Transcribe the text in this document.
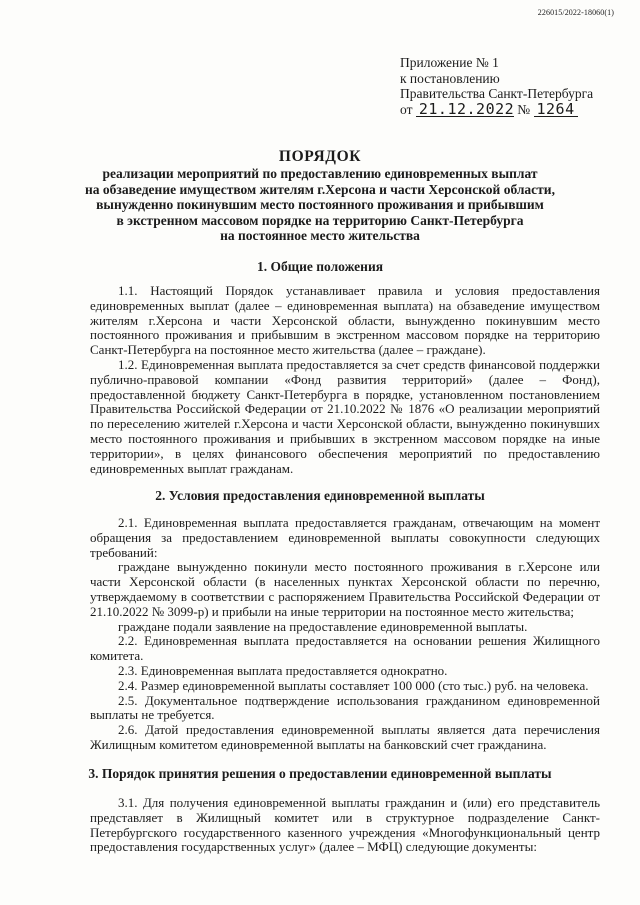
226015/2022-18060(1)
Приложение № 1
к постановлению
Правительства Санкт-Петербурга
от 21.12.2022 № 1264
ПОРЯДОК
реализации мероприятий по предоставлению единовременных выплат
на обзаведение имуществом жителям г.Херсона и части Херсонской области,
вынужденно покинувшим место постоянного проживания и прибывшим
в экстренном массовом порядке на территорию Санкт-Петербурга
на постоянное место жительства
1. Общие положения

1.1. Настоящий Порядок устанавливает правила и условия предоставления единовременных выплат (далее – единовременная выплата) на обзаведение имуществом жителям г.Херсона и части Херсонской области, вынужденно покинувшим место постоянного проживания и прибывшим в экстренном массовом порядке на территорию Санкт-Петербурга на постоянное место жительства (далее – граждане).

1.2. Единовременная выплата предоставляется за счет средств финансовой поддержки публично-правовой компании «Фонд развития территорий» (далее – Фонд), предоставленной бюджету Санкт-Петербурга в порядке, установленном постановлением Правительства Российской Федерации от 21.10.2022 № 1876 «О реализации мероприятий по переселению жителей г.Херсона и части Херсонской области, вынужденно покинувших место постоянного проживания и прибывших в экстренном массовом порядке на иные территории», в целях финансового обеспечения мероприятий по предоставлению единовременных выплат гражданам.

2. Условия предоставления единовременной выплаты

2.1. Единовременная выплата предоставляется гражданам, отвечающим на момент обращения за предоставлением единовременной выплаты совокупности следующих требований:

граждане вынужденно покинули место постоянного проживания в г.Херсоне или части Херсонской области (в населенных пунктах Херсонской области по перечню, утверждаемому в соответствии с распоряжением Правительства Российской Федерации от 21.10.2022 № 3099-р) и прибыли на иные территории на постоянное место жительства;

граждане подали заявление на предоставление единовременной выплаты.

2.2. Единовременная выплата предоставляется на основании решения Жилищного комитета.

2.3. Единовременная выплата предоставляется однократно.

2.4. Размер единовременной выплаты составляет 100 000 (сто тыс.) руб. на человека.

2.5. Документальное подтверждение использования гражданином единовременной выплаты не требуется.

2.6. Датой предоставления единовременной выплаты является дата перечисления Жилищным комитетом единовременной выплаты на банковский счет гражданина.

3. Порядок принятия решения о предоставлении единовременной выплаты

3.1. Для получения единовременной выплаты гражданин и (или) его представитель представляет в Жилищный комитет или в структурное подразделение Санкт-Петербургского государственного казенного учреждения «Многофункциональный центр предоставления государственных услуг» (далее – МФЦ) следующие документы:
